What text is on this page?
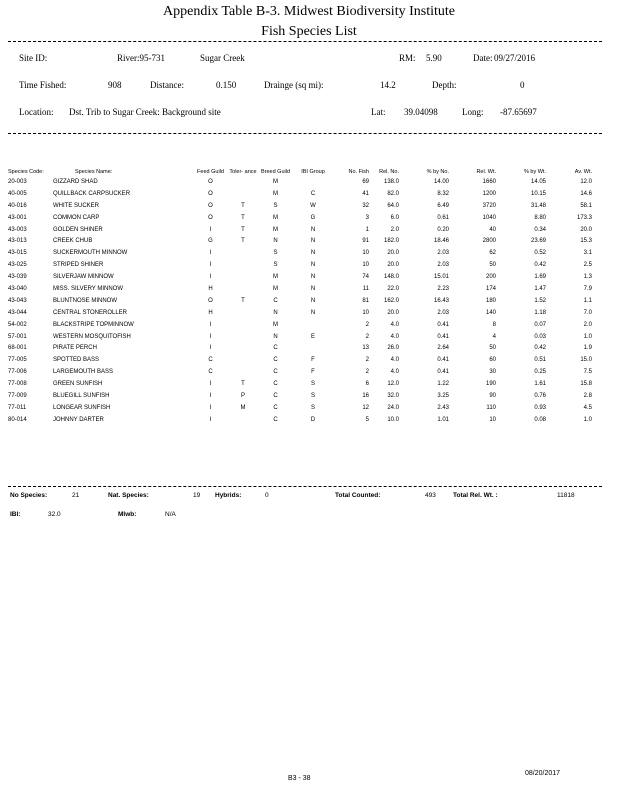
Appendix Table B-3. Midwest Biodiversity Institute
Fish Species List
Site ID:	River:95-731	Sugar Creek	RM: 5.90	Date: 09/27/2016
Time Fished:	908	Distance:	0.150	Drainge (sq mi):	14.2	Depth:	0
Location: Dst. Trib to Sugar Creek: Background site	Lat: 39.04098	Long: -87.65697
Species Code:	Species Name:	Feed Guild	Toler- ance	Breed Guild	IBI Group	No. Fish	Rel. No.	% by No.	Rel. Wt.	% by Wt.	Av. Wt.
20-003	GIZZARD SHAD	O		M		69	138.0	14.00	1660	14.05	12.0
40-005	QUILLBACK CARPSUCKER	O		M	C	41	82.0	8.32	1200	10.15	14.6
40-016	WHITE SUCKER	O	T	S	W	32	64.0	6.49	3720	31.48	58.1
43-001	COMMON CARP	O	T	M	G	3	6.0	0.61	1040	8.80	173.3
43-003	GOLDEN SHINER	I	T	M	N	1	2.0	0.20	40	0.34	20.0
43-013	CREEK CHUB	G	T	N	N	91	182.0	18.46	2800	23.69	15.3
43-015	SUCKERMOUTH MINNOW	I		S	N	10	20.0	2.03	62	0.52	3.1
43-025	STRIPED SHINER	I		S	N	10	20.0	2.03	50	0.42	2.5
43-039	SILVERJAW MINNOW	I		M	N	74	148.0	15.01	200	1.69	1.3
43-040	MISS. SILVERY MINNOW	H		M	N	11	22.0	2.23	174	1.47	7.9
43-043	BLUNTNOSE MINNOW	O	T	C	N	81	162.0	16.43	180	1.52	1.1
43-044	CENTRAL STONEROLLER	H		N	N	10	20.0	2.03	140	1.18	7.0
54-002	BLACKSTRIPE TOPMINNOW	I		M		2	4.0	0.41	8	0.07	2.0
57-001	WESTERN MOSQUITOFISH	I		N	E	2	4.0	0.41	4	0.03	1.0
68-001	PIRATE PERCH	I		C		13	26.0	2.64	50	0.42	1.9
77-005	SPOTTED BASS	C		C	F	2	4.0	0.41	60	0.51	15.0
77-006	LARGEMOUTH BASS	C		C	F	2	4.0	0.41	30	0.25	7.5
77-008	GREEN SUNFISH	I	T	C	S	6	12.0	1.22	190	1.61	15.8
77-009	BLUEGILL SUNFISH	I	P	C	S	16	32.0	3.25	90	0.76	2.8
77-011	LONGEAR SUNFISH	I	M	C	S	12	24.0	2.43	110	0.93	4.5
80-014	JOHNNY DARTER	I		C	D	5	10.0	1.01	10	0.08	1.0
No Species:	21	Nat. Species:	19 Hybrids:	0	Total Counted:	493	Total Rel. Wt. :	11818
IBI:	32.0	MIwb:	N/A
B3 - 38
08/20/2017
